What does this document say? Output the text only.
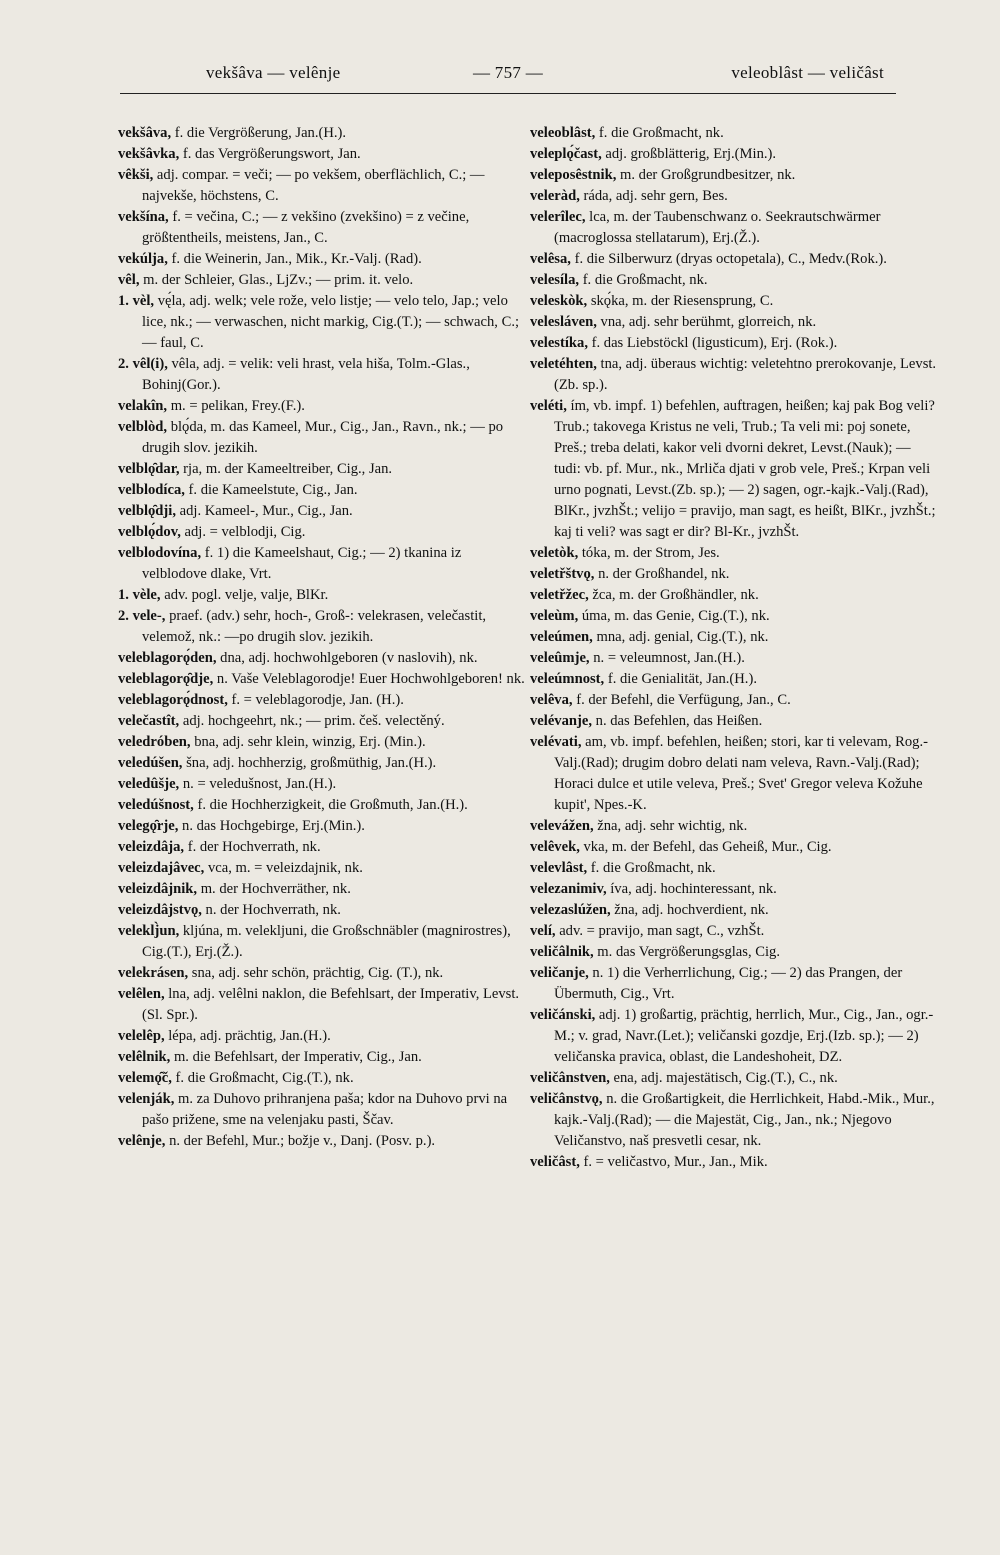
vekšâva — velênje	— 757 —	veleoblâst — veličâst
vekšâva, f. die Vergrößerung, Jan.(H.).
vekšâvka, f. das Vergrößerungswort, Jan.
vêkši, adj. compar. = veči; — po vekšem, oberflächlich, C.; — najvekše, höchstens, C.
vekšína, f. = večina, C.; — z vekšino (zvekšino) = z večine, größtentheils, meistens, Jan., C.
vekúlja, f. die Weinerin, Jan., Mik., Kr.-Valj. (Rad).
vêl, m. der Schleier, Glas., LjZv.; — prim. it. velo.
1. vèl, vę́la, adj. welk; vele rože, velo listje; — velo telo, Jap.; velo lice, nk.; — verwaschen, nicht markig, Cig.(T.); — schwach, C.; — faul, C.
2. vêl(i), vêla, adj. = velik: veli hrast, vela hiša, Tolm.-Glas., Bohinj(Gor.).
velakîn, m. = pelikan, Frey.(F.).
velblòd, blǫ́da, m. das Kameel, Mur., Cig., Jan., Ravn., nk.; — po drugih slov. jezikih.
velblǫ̑dar, rja, m. der Kameeltreiber, Cig., Jan.
velblodíca, f. die Kameelstute, Cig., Jan.
velblǫ̑dji, adj. Kameel-, Mur., Cig., Jan.
velblǫ́dov, adj. = velblodji, Cig.
velblodovína, f. 1) die Kameelshaut, Cig.; — 2) tkanina iz velblodove dlake, Vrt.
1. vèle, adv. pogl. velje, valje, BlKr.
2. vele-, praef. (adv.) sehr, hoch-, Groß-: velekrasen, velečastit, velemož, nk.: —po drugih slov. jezikih.
veleblagorǫ́den, dna, adj. hochwohlgeboren (v naslovih), nk.
veleblagorǫ̑dje, n. Vaše Veleblagorodje! Euer Hochwohlgeboren! nk.
veleblagorǫ́dnost, f. = veleblagorodje, Jan. (H.).
velečastît, adj. hochgeehrt, nk.; — prim. češ. velectěný.
veledróben, bna, adj. sehr klein, winzig, Erj. (Min.).
veledúšen, šna, adj. hochherzig, großmüthig, Jan.(H.).
veledûšje, n. = veledušnost, Jan.(H.).
veledúšnost, f. die Hochherzigkeit, die Großmuth, Jan.(H.).
velegǫ̑rje, n. das Hochgebirge, Erj.(Min.).
veleizdâja, f. der Hochverrath, nk.
veleizdajâvec, vca, m. = veleizdajnik, nk.
veleizdâjnik, m. der Hochverräther, nk.
veleizdâjstvǫ, n. der Hochverrath, nk.
veleklj̀un, kljúna, m. velekljuni, die Großschnäbler (magnirostres), Cig.(T.), Erj.(Ž.).
velekrásen, sna, adj. sehr schön, prächtig, Cig. (T.), nk.
velêlen, lna, adj. velêlni naklon, die Befehlsart, der Imperativ, Levst.(Sl. Spr.).
velelêp, lépa, adj. prächtig, Jan.(H.).
velêlnik, m. die Befehlsart, der Imperativ, Cig., Jan.
velemǫ̑č, f. die Großmacht, Cig.(T.), nk.
velenják, m. za Duhovo prihranjena paša; kdor na Duhovo prvi na pašo prižene, sme na velenjaku pasti, Ščav.
velênje, n. der Befehl, Mur.; božje v., Danj. (Posv. p.).
veleoblâst, f. die Großmacht, nk.
veleplǫ́čast, adj. großblätterig, Erj.(Min.).
veleposêstnik, m. der Großgrundbesitzer, nk.
veleràd, ráda, adj. sehr gern, Bes.
velerîlec, lca, m. der Taubenschwanz o. Seekrautschwärmer (macroglossa stellatarum), Erj.(Ž.).
velêsa, f. die Silberwurz (dryas octopetala), C., Medv.(Rok.).
velesíla, f. die Großmacht, nk.
veleskòk, skǫ́ka, m. der Riesensprung, C.
velesláven, vna, adj. sehr berühmt, glorreich, nk.
velestíka, f. das Liebstöckl (ligusticum), Erj. (Rok.).
veletéhten, tna, adj. überaus wichtig: veletehtno prerokovanje, Levst.(Zb. sp.).
veléti, ím, vb. impf. 1) befehlen, auftragen, heißen; kaj pak Bog veli? Trub.; takovega Kristus ne veli, Trub.; Ta veli mi: poj sonete, Preš.; treba delati, kakor veli dvorni dekret, Levst.(Nauk); — tudi: vb. pf. Mur., nk., Mrliča djati v grob vele, Preš.; Krpan veli urno pognati, Levst.(Zb. sp.); — 2) sagen, ogr.-kajk.-Valj.(Rad), BlKr., jvzhŠt.; velijo = pravijo, man sagt, es heißt, BlKr., jvzhŠt.; kaj ti veli? was sagt er dir? Bl-Kr., jvzhŠt.
veletòk, tóka, m. der Strom, Jes.
veletřštvǫ, n. der Großhandel, nk.
veletřžec, žca, m. der Großhändler, nk.
veleùm, úma, m. das Genie, Cig.(T.), nk.
veleúmen, mna, adj. genial, Cig.(T.), nk.
veleûmje, n. = veleumnost, Jan.(H.).
veleúmnost, f. die Genialität, Jan.(H.).
velêva, f. der Befehl, die Verfügung, Jan., C.
velévanje, n. das Befehlen, das Heißen.
velévati, am, vb. impf. befehlen, heißen; stori, kar ti velevam, Rog.-Valj.(Rad); drugim dobro delati nam veleva, Ravn.-Valj.(Rad); Horaci dulce et utile veleva, Preš.; Svet' Gregor veleva Kožuhe kupit', Npes.-K.
velevážen, žna, adj. sehr wichtig, nk.
velêvek, vka, m. der Befehl, das Geheiß, Mur., Cig.
velevlâst, f. die Großmacht, nk.
velezanimiv, íva, adj. hochinteressant, nk.
velezaslúžen, žna, adj. hochverdient, nk.
velí, adv. = pravijo, man sagt, C., vzhŠt.
veličâlnik, m. das Vergrößerungsglas, Cig.
veličanje, n. 1) die Verherrlichung, Cig.; — 2) das Prangen, der Übermuth, Cig., Vrt.
veličánski, adj. 1) großartig, prächtig, herrlich, Mur., Cig., Jan., ogr.-M.; v. grad, Navr.(Let.); veličanski gozdje, Erj.(Izb. sp.); — 2) veličanska pravica, oblast, die Landeshoheit, DZ.
veličânstven, ena, adj. majestätisch, Cig.(T.), C., nk.
veličânstvǫ, n. die Großartigkeit, die Herrlichkeit, Habd.-Mik., Mur., kajk.-Valj.(Rad); — die Majestät, Cig., Jan., nk.; Njegovo Veličanstvo, naš presvetli cesar, nk.
veličâst, f. = veličastvo, Mur., Jan., Mik.
